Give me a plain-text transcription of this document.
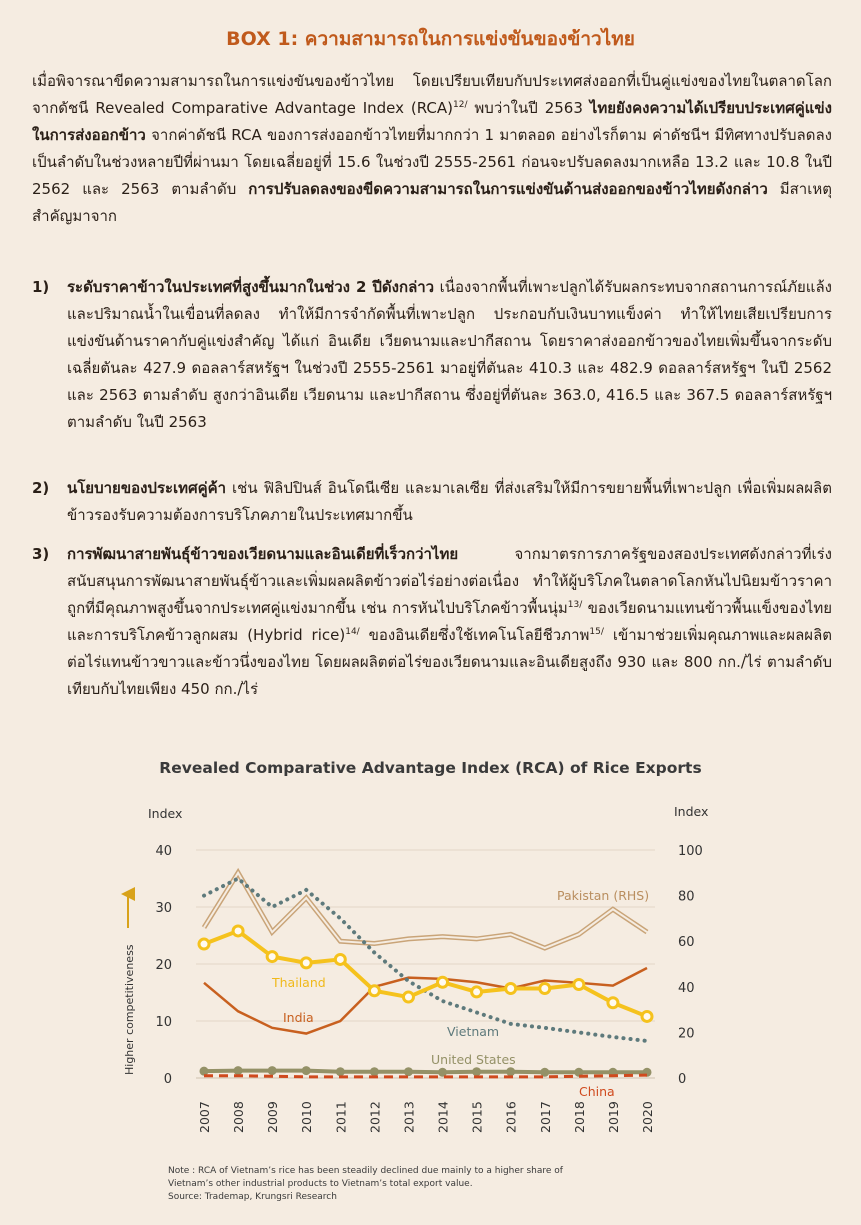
BOX 1: ความสามารถในการแข่งขันของข้าวไทย

เมื่อพิจารณาขีดความสามารถในการแข่งขันของข้าวไทย โดยเปรียบเทียบกับประเทศส่งออกที่เป็นคู่แข่งของไทยในตลาดโลก จากดัชนี Revealed Comparative Advantage Index (RCA)$^{12/}$ พบว่าในปี 2563 ไทยยังคงความได้เปรียบประเทศคู่แข่งในการส่งออกข้าว จากค่าดัชนี RCA ของการส่งออกข้าวไทยที่มากกว่า 1 มาตลอด อย่างไรก็ตาม ค่าดัชนีฯ มีทิศทางปรับลดลงเป็นลำดับในช่วงหลายปีที่ผ่านมา โดยเฉลี่ยอยู่ที่ 15.6 ในช่วงปี 2555-2561 ก่อนจะปรับลดลงมากเหลือ 13.2 และ 10.8 ในปี 2562 และ 2563 ตามลำดับ การปรับลดลงของขีดความสามารถในการแข่งขันด้านส่งออกของข้าวไทยดังกล่าว มีสาเหตุสำคัญมาจาก

1) ระดับราคาข้าวในประเทศที่สูงขึ้นมากในช่วง 2 ปีดังกล่าว เนื่องจากพื้นที่เพาะปลูกได้รับผลกระทบจากสถานการณ์ภัยแล้งและปริมาณน้ำในเขื่อนที่ลดลง ทำให้มีการจำกัดพื้นที่เพาะปลูก ประกอบกับเงินบาทแข็งค่า ทำให้ไทยเสียเปรียบการแข่งขันด้านราคากับคู่แข่งสำคัญ ได้แก่ อินเดีย เวียดนามและปากีสถาน โดยราคาส่งออกข้าวของไทยเพิ่มขึ้นจากระดับเฉลี่ยตันละ 427.9 ดอลลาร์สหรัฐฯ ในช่วงปี 2555-2561 มาอยู่ที่ตันละ 410.3 และ 482.9 ดอลลาร์สหรัฐฯ ในปี 2562 และ 2563 ตามลำดับ สูงกว่าอินเดีย เวียดนาม และปากีสถาน ซึ่งอยู่ที่ตันละ 363.0, 416.5 และ 367.5 ดอลลาร์สหรัฐฯ ตามลำดับ ในปี 2563
2) นโยบายของประเทศคู่ค้า เช่น ฟิลิปปินส์ อินโดนีเซีย และมาเลเซีย ที่ส่งเสริมให้มีการขยายพื้นที่เพาะปลูก เพื่อเพิ่มผลผลิตข้าวรองรับความต้องการบริโภคภายในประเทศมากขึ้น
3) การพัฒนาสายพันธุ์ข้าวของเวียดนามและอินเดียที่เร็วกว่าไทย จากมาตรการภาครัฐของสองประเทศดังกล่าวที่เร่งสนับสนุนการพัฒนาสายพันธุ์ข้าวและเพิ่มผลผลิตข้าวต่อไร่อย่างต่อเนื่อง ทำให้ผู้บริโภคในตลาดโลกหันไปนิยมข้าวราคาถูกที่มีคุณภาพสูงขึ้นจากประเทศคู่แข่งมากขึ้น เช่น การหันไปบริโภคข้าวพื้นนุ่ม$^{13/}$ ของเวียดนามแทนข้าวพื้นแข็งของไทย และการบริโภคข้าวลูกผสม (Hybrid rice)$^{14/}$ ของอินเดียซึ่งใช้เทคโนโลยีชีวภาพ$^{15/}$ เข้ามาช่วยเพิ่มคุณภาพและผลผลิตต่อไร่แทนข้าวขาวและข้าวนึ่งของไทย โดยผลผลิตต่อไร่ของเวียดนามและอินเดียสูงถึง 930 และ 800 กก./ไร่ ตามลำดับ เทียบกับไทยเพียง 450 กก./ไร่
Revealed Comparative Advantage Index (RCA) of Rice Exports
0
10
20
30
40
0
20
40
60
80
100
Index	Index
Higher competitiveness
2007 2008 2009 2010 2011 2012 2013 2014 2015 2016 2017 2018 2019 2020
Pakistan (RHS)
Thailand
India
Vietnam
United States
China
Note : RCA of Vietnam’s rice has been steadily declined due mainly to a higher share of
Vietnam’s other industrial products to Vietnam’s total export value.
Source: Trademap, Krungsri Research
